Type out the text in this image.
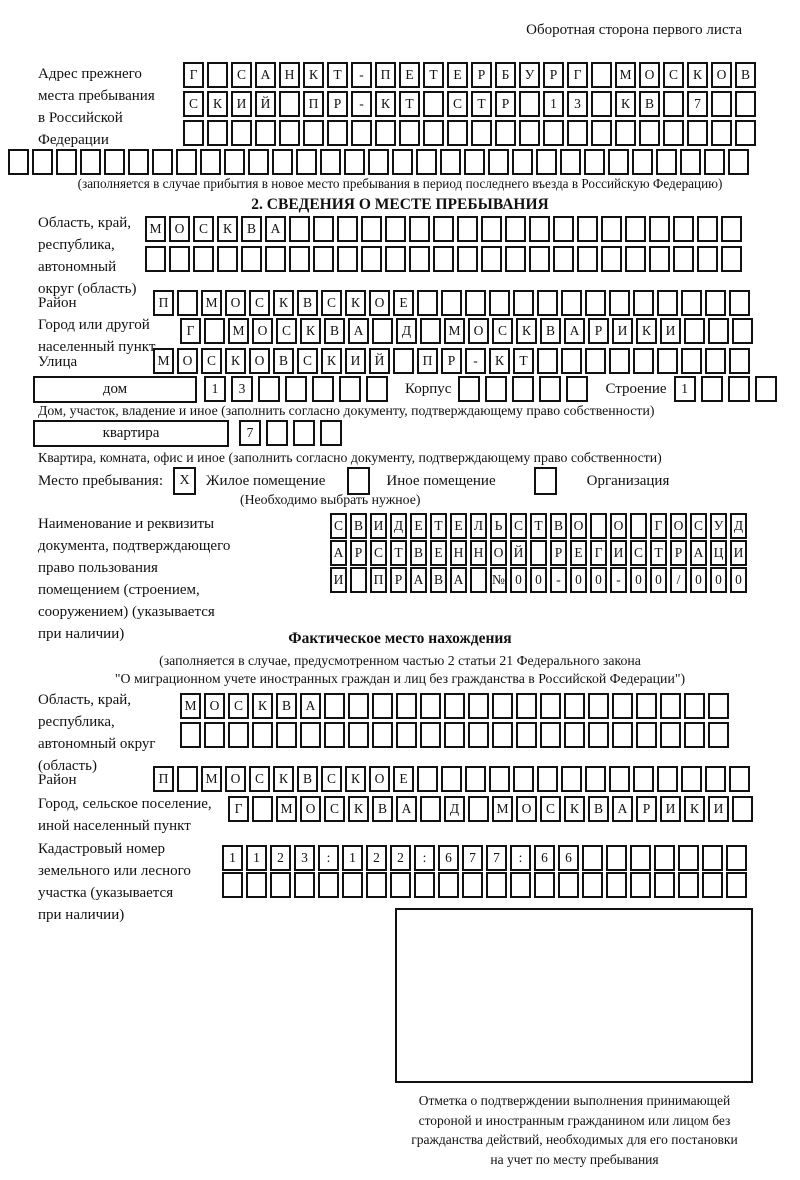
Оборотная сторона первого листа
Адрес прежнего
места пребывания
в Российской
Федерации
Г	С А Н К Т - П Е Т Е Р Б У Р Г	М О С К О В
С К И Й	П Р - К Т	С Т Р	1 3	К В	7
(заполняется в случае прибытия в новое место пребывания в период последнего въезда в Российскую Федерацию)
2. СВЕДЕНИЯ О МЕСТЕ ПРЕБЫВАНИЯ
Область, край,
республика,
автономный
округ (область)
М О С К В А
Район	П	М О С К В С К О Е
Город или другой
населенный пункт
Г	М О С К В А	Д	М О С К В А Р И К И
Улица	М О С К О В С К И Й	П Р - К Т
дом	1 3	Корпус	Строение	1
Дом, участок, владение и иное (заполнить согласно документу, подтверждающему право собственности)
квартира	7
Квартира, комната, офис и иное (заполнить согласно документу, подтверждающему право собственности)
Место пребывания:	X	Жилое помещение	Иное помещение	Организация
(Необходимо выбрать нужное)
Наименование и реквизиты
документа, подтверждающего
право пользования
помещением (строением,
сооружением) (указывается
при наличии)
С В И Д Е Т Е Л Ь С Т В О О Г О С У Д
А Р С Т В Е Н Н О Й Р Е Г И С Т Р А Ц И
И П Р А В А № 0 0 - 0 0 - 0 0 / 0 0 0
Фактическое место нахождения
(заполняется в случае, предусмотренном частью 2 статьи 21 Федерального закона
"О миграционном учете иностранных граждан и лиц без гражданства в Российской Федерации")
Область, край,
республика,
автономный округ
(область)
М О С К В А
Район	П	М О С К В С К О Е
Город, сельское поселение,
иной населенный пункт
Г	М О С К В А	Д	М О С К В А Р И К И
Кадастровый номер
земельного или лесного
участка (указывается
при наличии)
1 1 2 3 : 1 2 2 : 6 7 7 : 6 6
Отметка о подтверждении выполнения принимающей
стороной и иностранным гражданином или лицом без
гражданства действий, необходимых для его постановки
на учет по месту пребывания
